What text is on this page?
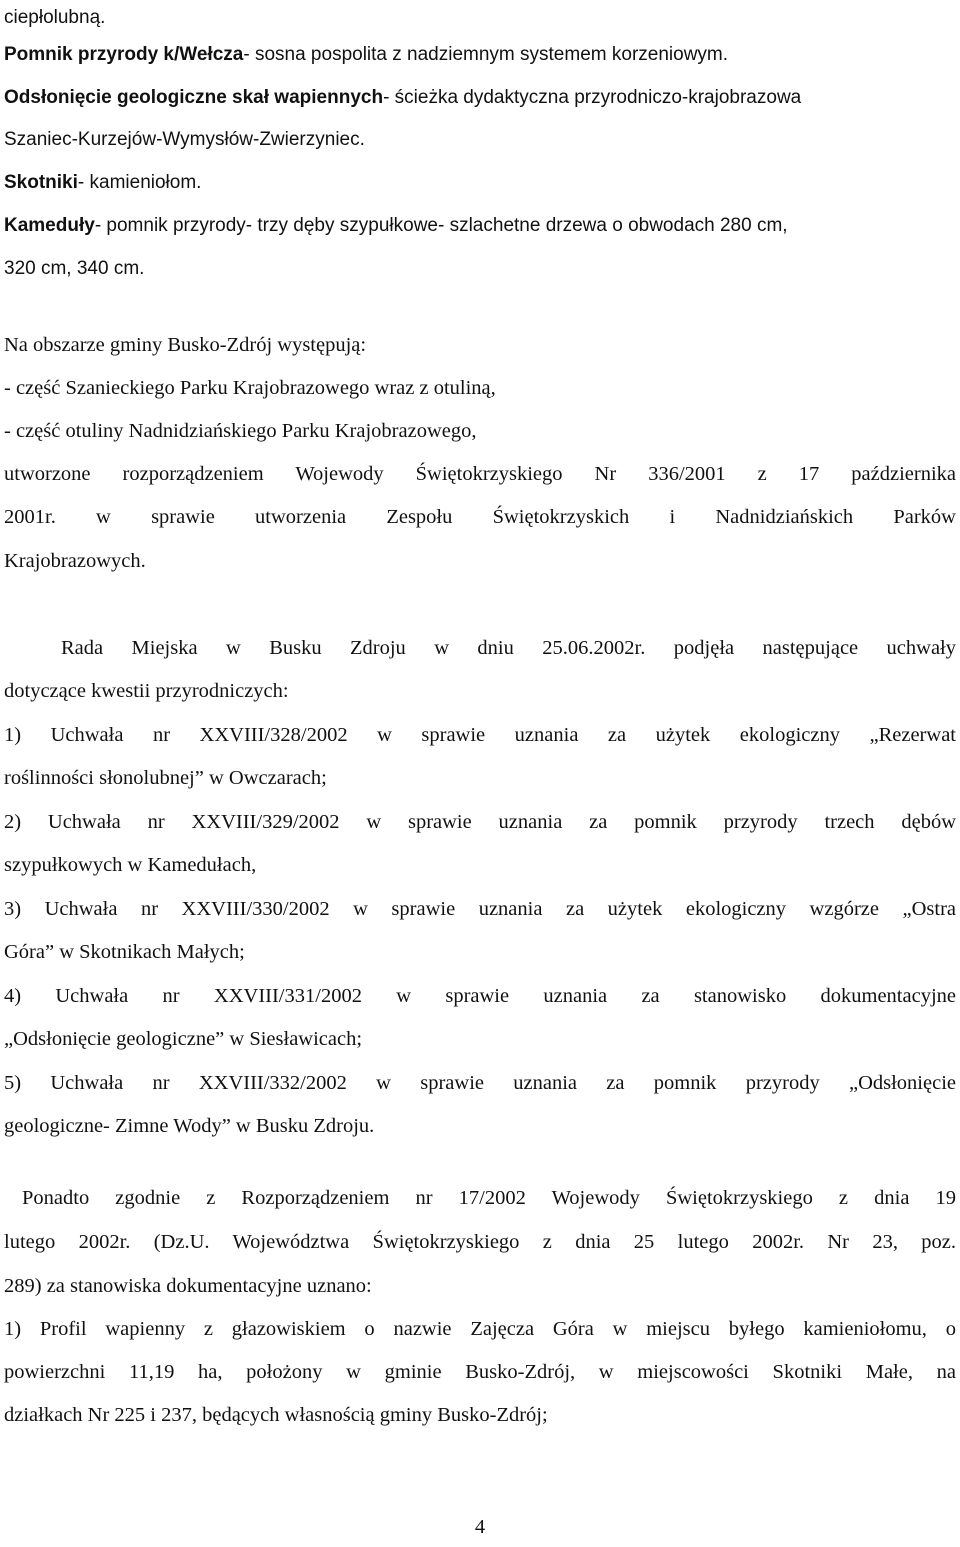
ciepłolubną.
Pomnik przyrody k/Wełcza- sosna pospolita z nadziemnym systemem korzeniowym.
Odsłonięcie geologiczne skał wapiennych- ścieżka dydaktyczna przyrodniczo-krajobrazowa
Szaniec-Kurzejów-Wymysłów-Zwierzyniec.
Skotniki- kamieniołom.
Kameduły- pomnik przyrody- trzy dęby szypułkowe- szlachetne drzewa o obwodach 280 cm,
320 cm, 340 cm.
Na obszarze gminy Busko-Zdrój występują:
- część Szanieckiego Parku Krajobrazowego wraz z otuliną,
- część otuliny Nadnidziańskiego Parku Krajobrazowego,
utworzone rozporządzeniem Wojewody Świętokrzyskiego Nr 336/2001 z 17 października
2001r. w sprawie utworzenia Zespołu Świętokrzyskich i Nadnidziańskich Parków
Krajobrazowych.
Rada Miejska w Busku Zdroju w dniu 25.06.2002r. podjęła następujące uchwały
dotyczące kwestii przyrodniczych:
1) Uchwała nr XXVIII/328/2002 w sprawie uznania za użytek ekologiczny „Rezerwat
roślinności słonolubnej” w Owczarach;
2) Uchwała nr XXVIII/329/2002 w sprawie uznania za pomnik przyrody trzech dębów
szypułkowych w Kamedułach,
3) Uchwała nr XXVIII/330/2002 w sprawie uznania za użytek ekologiczny wzgórze „Ostra
Góra” w Skotnikach Małych;
4) Uchwała nr XXVIII/331/2002 w sprawie uznania za stanowisko dokumentacyjne
„Odsłonięcie geologiczne” w Siesławicach;
5) Uchwała nr XXVIII/332/2002 w sprawie uznania za pomnik przyrody „Odsłonięcie
geologiczne- Zimne Wody” w Busku Zdroju.
Ponadto zgodnie z Rozporządzeniem nr 17/2002 Wojewody Świętokrzyskiego z dnia 19
lutego 2002r. (Dz.U. Województwa Świętokrzyskiego z dnia 25 lutego 2002r. Nr 23, poz.
289) za stanowiska dokumentacyjne uznano:
1) Profil wapienny z głazowiskiem o nazwie Zajęcza Góra w miejscu byłego kamieniołomu, o
powierzchni 11,19 ha, położony w gminie Busko-Zdrój, w miejscowości Skotniki Małe, na
działkach Nr 225 i 237, będących własnością gminy Busko-Zdrój;
4
